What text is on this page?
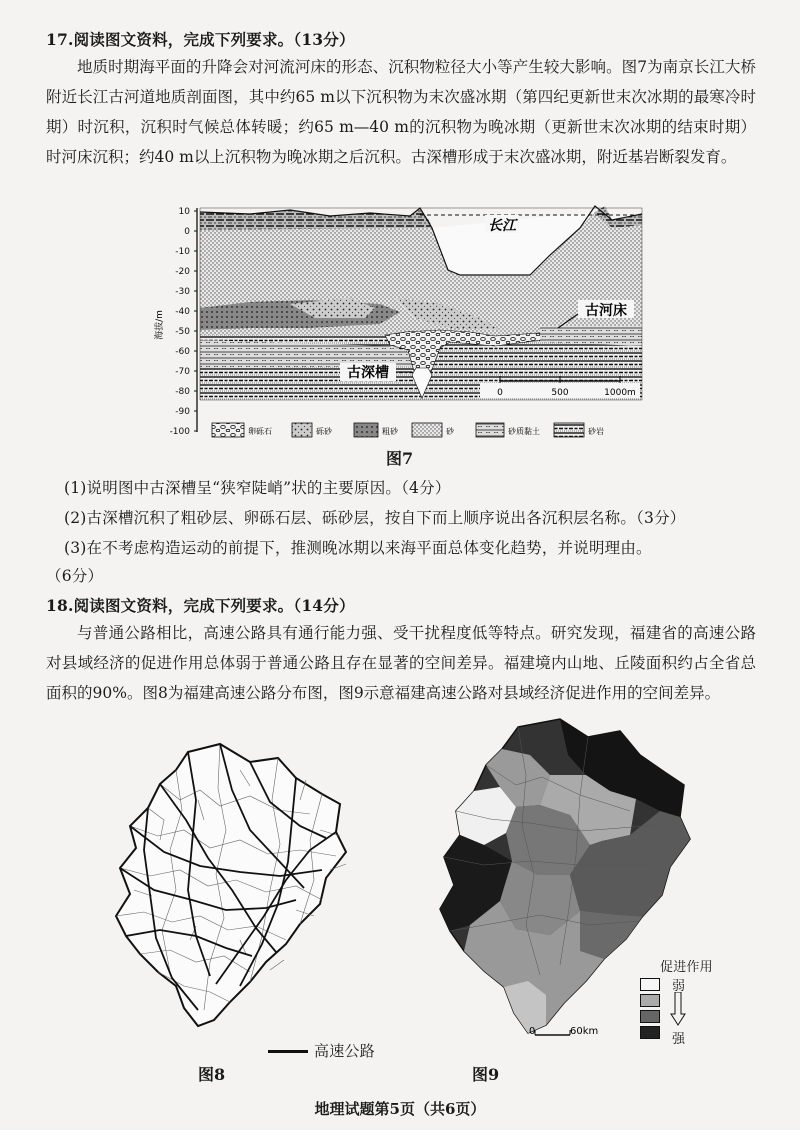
17.阅读图文资料，完成下列要求。（13分）
地质时期海平面的升降会对河流河床的形态、沉积物粒径大小等产生较大影响。图7为南京长江大桥附近长江古河道地质剖面图，其中约65 m以下沉积物为末次盛冰期（第四纪更新世末次冰期的最寒冷时期）时沉积，沉积时气候总体转暖；约65 m—40 m的沉积物为晚冰期（更新世末次冰期的结束时期）时河床沉积；约40 m以上沉积物为晚冰期之后沉积。古深槽形成于末次盛冰期，附近基岩断裂发育。
10
0
-10
-20
-30
-40
-50
-60
-70
-80
-90
-100
海拔/m
长江
古河床
古深槽
0	500	1000m
卵砾石	砾砂	粗砂	砂	砂质黏土	砂岩
图7
(1)说明图中古深槽呈“狭窄陡峭”状的主要原因。（4分）
(2)古深槽沉积了粗砂层、卵砾石层、砾砂层，按自下而上顺序说出各沉积层名称。（3分）
(3)在不考虑构造运动的前提下，推测晚冰期以来海平面总体变化趋势，并说明理由。
（6分）
18.阅读图文资料，完成下列要求。（14分）
与普通公路相比，高速公路具有通行能力强、受干扰程度低等特点。研究发现，福建省的高速公路对县域经济的促进作用总体弱于普通公路且存在显著的空间差异。福建境内山地、丘陵面积约占全省总面积的90%。图8为福建高速公路分布图，图9示意福建高速公路对县域经济促进作用的空间差异。
高速公路
图8
0	60km
促进作用
弱
强
图9
地理试题第5页（共6页）
